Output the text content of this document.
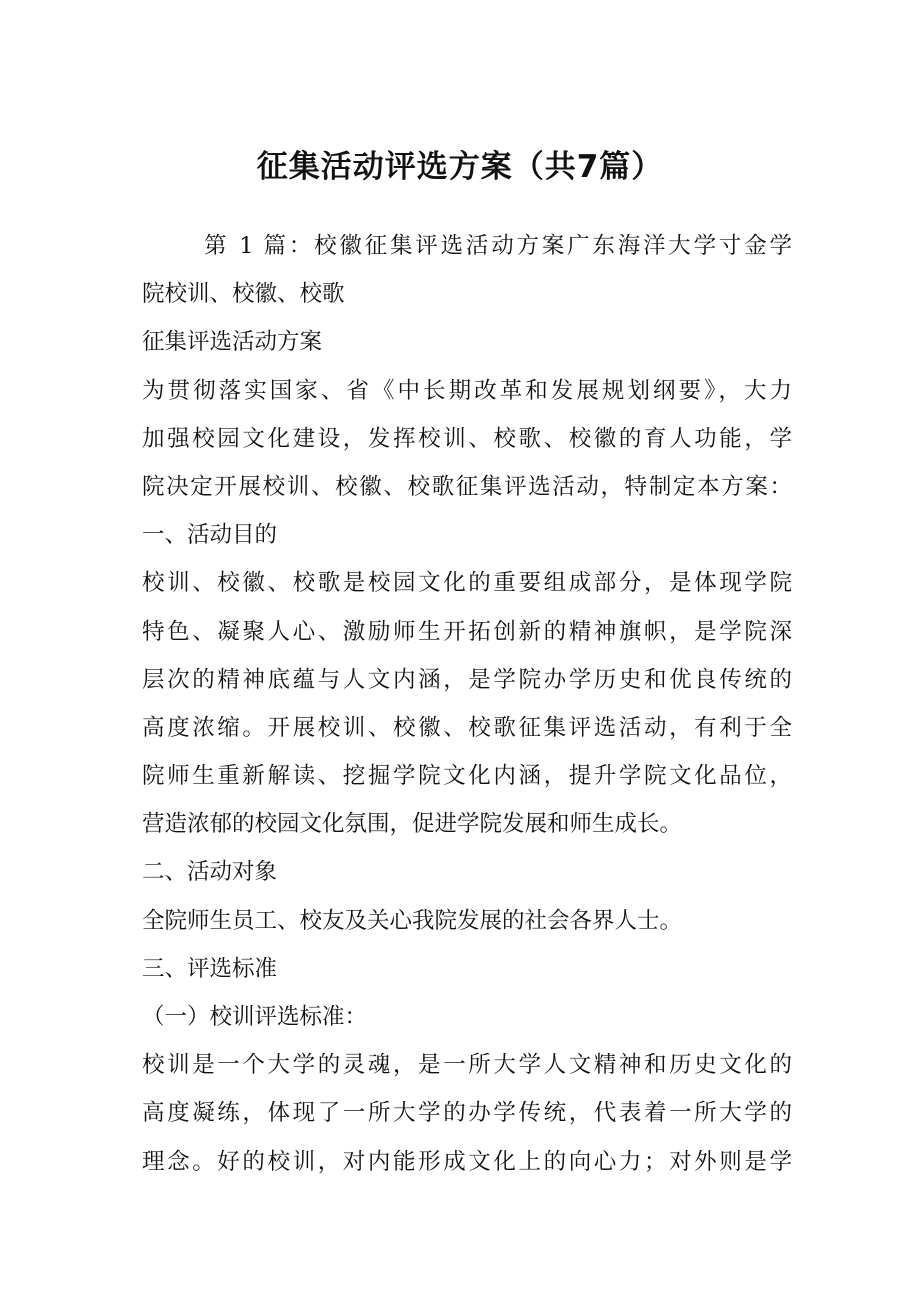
征集活动评选方案（共7篇）
第 1 篇：校徽征集评选活动方案广东海洋大学寸金学
院校训、校徽、校歌
征集评选活动方案
为贯彻落实国家、省《中长期改革和发展规划纲要》，大力
加强校园文化建设，发挥校训、校歌、校徽的育人功能，学
院决定开展校训、校徽、校歌征集评选活动，特制定本方案：
一、活动目的
校训、校徽、校歌是校园文化的重要组成部分，是体现学院
特色、凝聚人心、激励师生开拓创新的精神旗帜，是学院深
层次的精神底蕴与人文内涵，是学院办学历史和优良传统的
高度浓缩。开展校训、校徽、校歌征集评选活动，有利于全
院师生重新解读、挖掘学院文化内涵，提升学院文化品位，
营造浓郁的校园文化氛围，促进学院发展和师生成长。
二、活动对象
全院师生员工、校友及关心我院发展的社会各界人士。
三、评选标准
（一）校训评选标准：
校训是一个大学的灵魂，是一所大学人文精神和历史文化的
高度凝练，体现了一所大学的办学传统，代表着一所大学的
理念。好的校训，对内能形成文化上的向心力；对外则是学
